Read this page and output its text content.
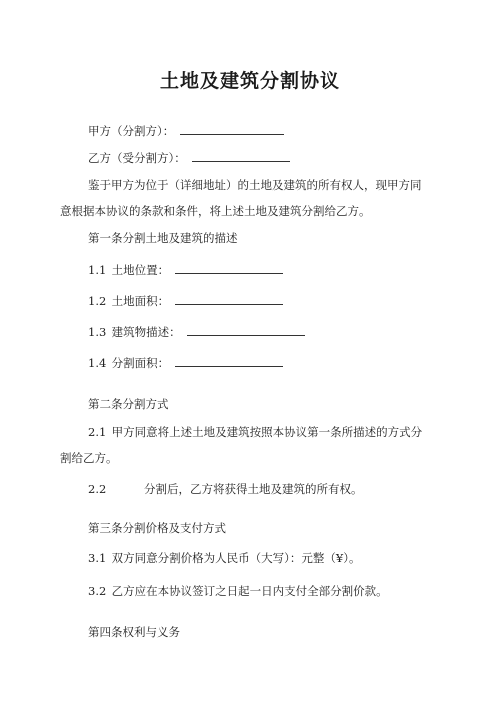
土地及建筑分割协议
甲方（分割方）：
乙方（受分割方）：
鉴于甲方为位于（详细地址）的土地及建筑的所有权人，现甲方同
意根据本协议的条款和条件，将上述土地及建筑分割给乙方。
第一条分割土地及建筑的描述
1.1 土地位置：
1.2 土地面积：
1.3 建筑物描述：
1.4 分割面积：
第二条分割方式
2.1 甲方同意将上述土地及建筑按照本协议第一条所描述的方式分
割给乙方。
2.2	分割后，乙方将获得土地及建筑的所有权。
第三条分割价格及支付方式
3.1 双方同意分割价格为人民币（大写）：元整（¥）。
3.2 乙方应在本协议签订之日起一日内支付全部分割价款。
第四条权利与义务
